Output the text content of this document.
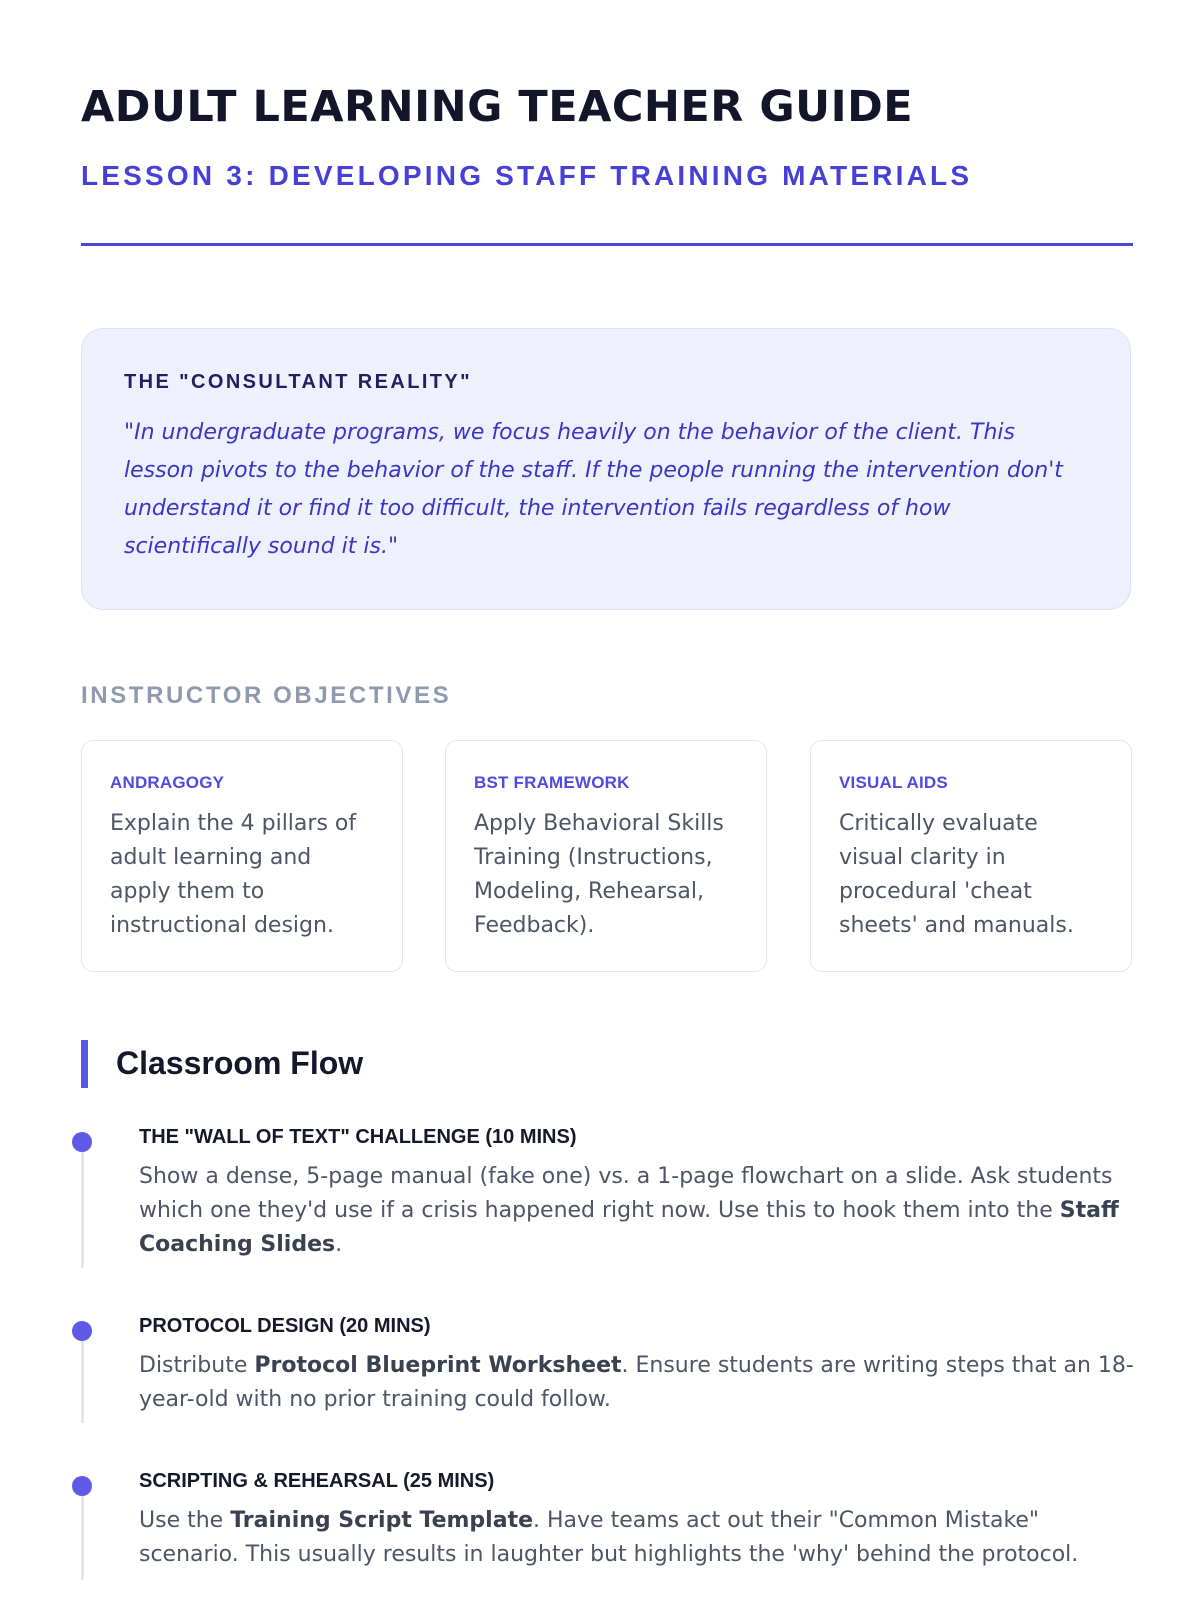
ADULT LEARNING TEACHER GUIDE
LESSON 3: DEVELOPING STAFF TRAINING MATERIALS
THE "CONSULTANT REALITY"

"In undergraduate programs, we focus heavily on the behavior of the client. This lesson pivots to the behavior of the staff. If the people running the intervention don't understand it or find it too difficult, the intervention fails regardless of how scientifically sound it is."

INSTRUCTOR OBJECTIVES
ANDRAGOGY

Explain the 4 pillars of adult learning and apply them to instructional design.

BST FRAMEWORK

Apply Behavioral Skills Training (Instructions, Modeling, Rehearsal, Feedback).

VISUAL AIDS

Critically evaluate visual clarity in procedural 'cheat sheets' and manuals.

Classroom Flow
THE "WALL OF TEXT" CHALLENGE (10 MINS)

Show a dense, 5-page manual (fake one) vs. a 1-page flowchart on a slide. Ask students which one they'd use if a crisis happened right now. Use this to hook them into the Staff Coaching Slides.

PROTOCOL DESIGN (20 MINS)

Distribute Protocol Blueprint Worksheet. Ensure students are writing steps that an 18-year-old with no prior training could follow.

SCRIPTING & REHEARSAL (25 MINS)

Use the Training Script Template. Have teams act out their "Common Mistake" scenario. This usually results in laughter but highlights the 'why' behind the protocol.
